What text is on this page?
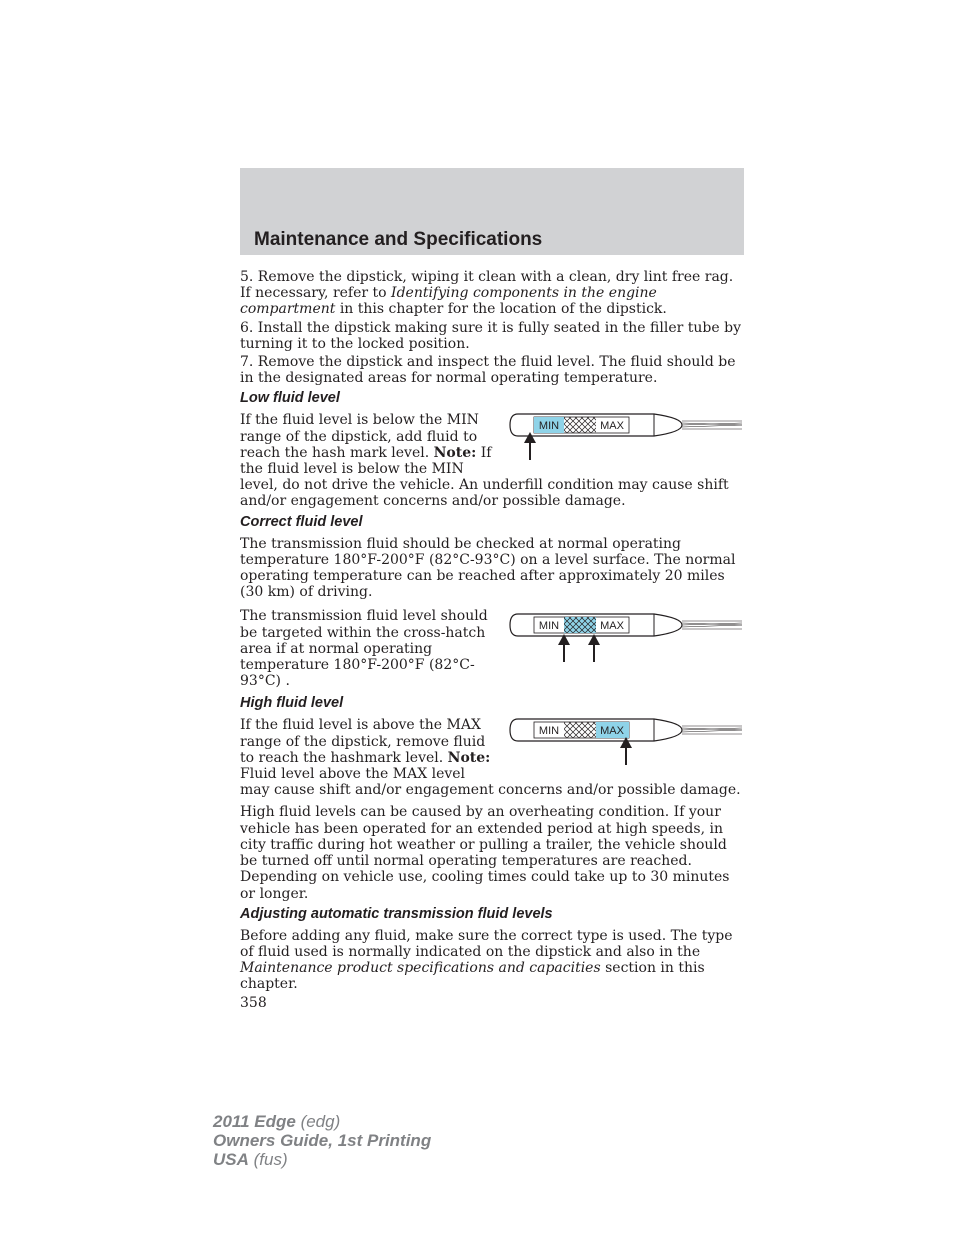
Maintenance and Specifications

5. Remove the dipstick, wiping it clean with a clean, dry lint free rag. If necessary, refer to Identifying components in the engine compartment in this chapter for the location of the dipstick.

6. Install the dipstick making sure it is fully seated in the filler tube by turning it to the locked position.

7. Remove the dipstick and inspect the fluid level. The fluid should be in the designated areas for normal operating temperature.

Low fluid level
MIN	MAX

If the fluid level is below the MIN range of the dipstick, add fluid to reach the hash mark level. Note: If the fluid level is below the MIN level, do not drive the vehicle. An underfill condition may cause shift and/or engagement concerns and/or possible damage.

Correct fluid level

The transmission fluid should be checked at normal operating temperature 180°F-200°F (82°C-93°C) on a level surface. The normal operating temperature can be reached after approximately 20 miles (30 km) of driving.

MIN	MAX

The transmission fluid level should be targeted within the cross-hatch area if at normal operating temperature 180°F-200°F (82°C-93°C) .

High fluid level
MIN	MAX

If the fluid level is above the MAX range of the dipstick, remove fluid to reach the hashmark level. Note: Fluid level above the MAX level may cause shift and/or engagement concerns and/or possible damage.

High fluid levels can be caused by an overheating condition. If your vehicle has been operated for an extended period at high speeds, in city traffic during hot weather or pulling a trailer, the vehicle should be turned off until normal operating temperatures are reached. Depending on vehicle use, cooling times could take up to 30 minutes or longer.

Adjusting automatic transmission fluid levels

Before adding any fluid, make sure the correct type is used. The type of fluid used is normally indicated on the dipstick and also in the Maintenance product specifications and capacities section in this chapter.

358

2011 Edge (edg)
Owners Guide, 1st Printing
USA (fus)
